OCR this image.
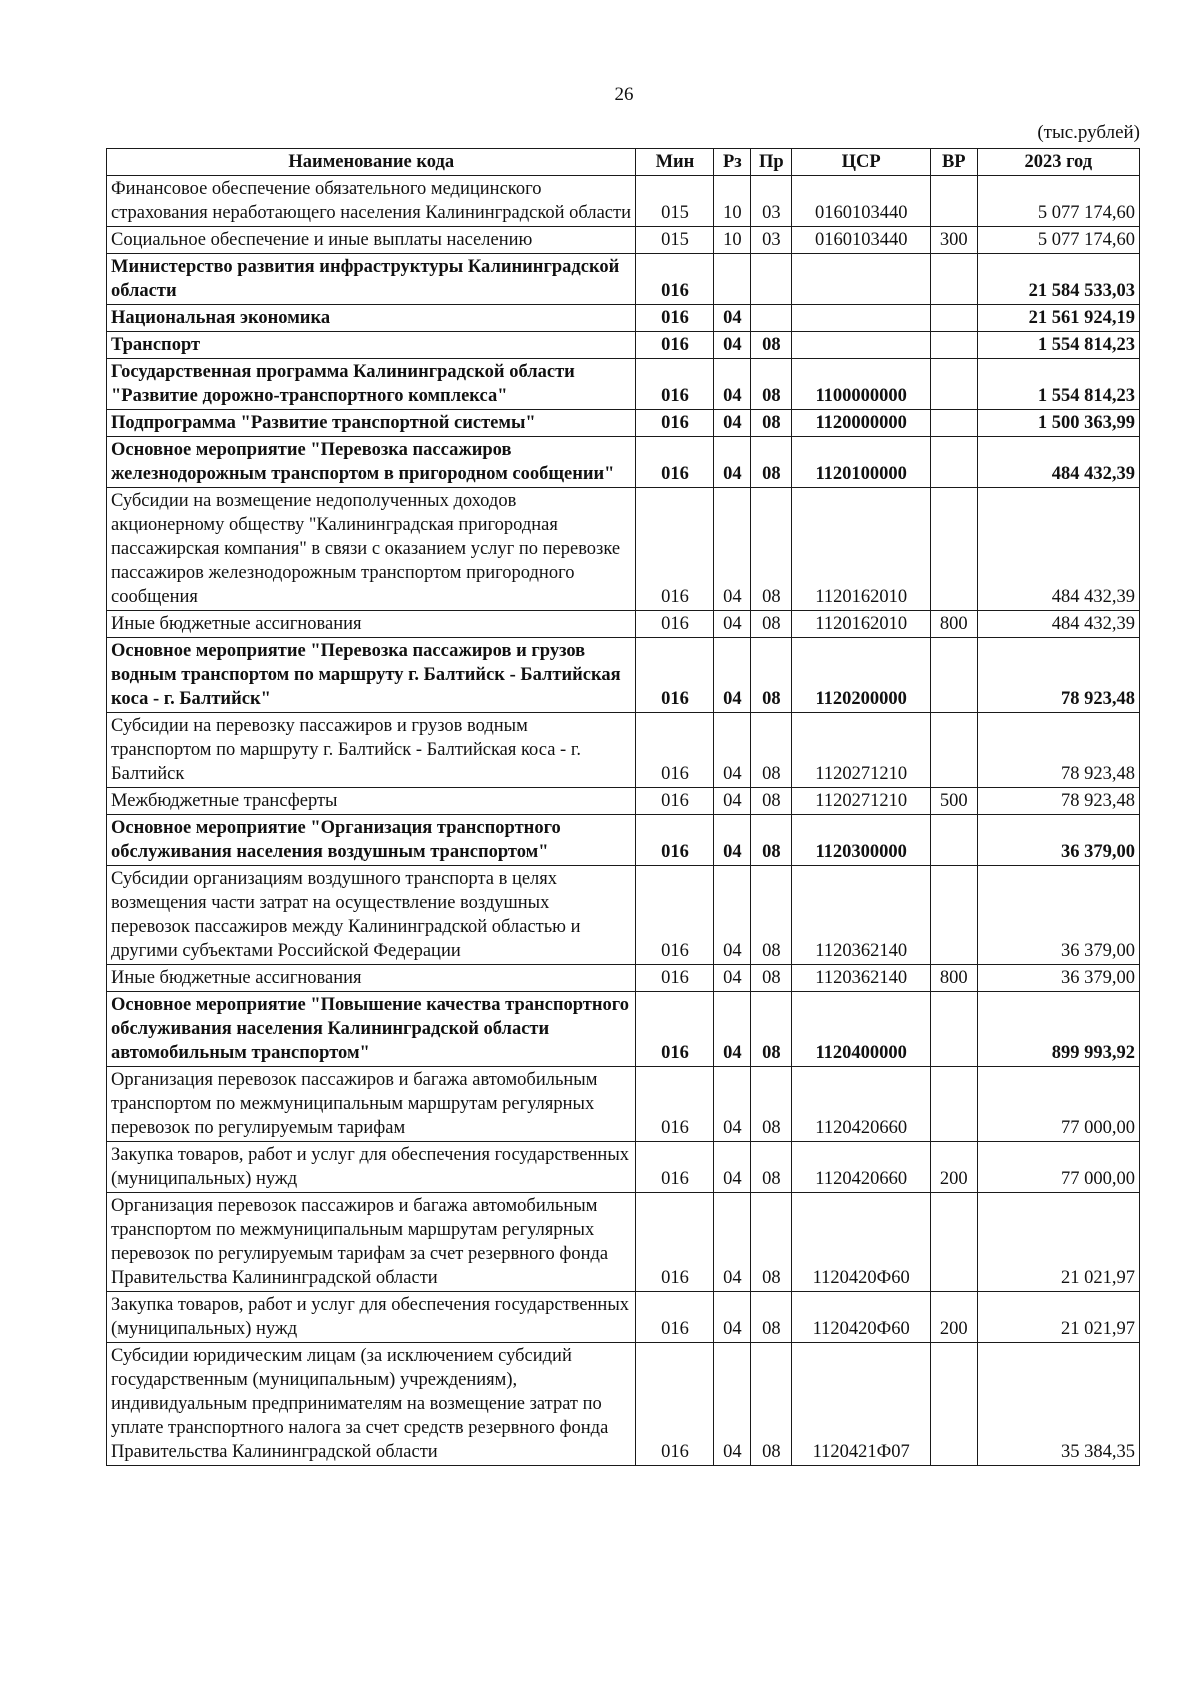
26
(тыс.рублей)
Наименование кода	Мин	Рз	Пр	ЦСР	ВР	2023 год
Финансовое обеспечение обязательного медицинского страхования неработающего населения Калининградской области	015	10	03	0160103440		5 077 174,60
Социальное обеспечение и иные выплаты населению	015	10	03	0160103440	300	5 077 174,60
Министерство развития инфраструктуры Калининградской области	016					21 584 533,03
Национальная экономика	016	04				21 561 924,19
Транспорт	016	04	08			1 554 814,23
Государственная программа Калининградской области "Развитие дорожно-транспортного комплекса"	016	04	08	1100000000		1 554 814,23
Подпрограмма "Развитие транспортной системы"	016	04	08	1120000000		1 500 363,99
Основное мероприятие "Перевозка пассажиров железнодорожным транспортом в пригородном сообщении"	016	04	08	1120100000		484 432,39
Субсидии на возмещение недополученных доходов акционерному обществу "Калининградская пригородная пассажирская компания" в связи с оказанием услуг по перевозке пассажиров железнодорожным транспортом пригородного сообщения	016	04	08	1120162010		484 432,39
Иные бюджетные ассигнования	016	04	08	1120162010	800	484 432,39
Основное мероприятие "Перевозка пассажиров и грузов водным транспортом по маршруту г. Балтийск - Балтийская коса - г. Балтийск"	016	04	08	1120200000		78 923,48
Субсидии на перевозку пассажиров и грузов водным транспортом по маршруту г. Балтийск - Балтийская коса - г. Балтийск	016	04	08	1120271210		78 923,48
Межбюджетные трансферты	016	04	08	1120271210	500	78 923,48
Основное мероприятие "Организация транспортного обслуживания населения воздушным транспортом"	016	04	08	1120300000		36 379,00
Субсидии организациям воздушного транспорта в целях возмещения части затрат на осуществление воздушных перевозок пассажиров между Калининградской областью и другими субъектами Российской Федерации	016	04	08	1120362140		36 379,00
Иные бюджетные ассигнования	016	04	08	1120362140	800	36 379,00
Основное мероприятие "Повышение качества транспортного обслуживания населения Калининградской области автомобильным транспортом"	016	04	08	1120400000		899 993,92
Организация перевозок пассажиров и багажа автомобильным транспортом по межмуниципальным маршрутам регулярных перевозок по регулируемым тарифам	016	04	08	1120420660		77 000,00
Закупка товаров, работ и услуг для обеспечения государственных (муниципальных) нужд	016	04	08	1120420660	200	77 000,00
Организация перевозок пассажиров и багажа автомобильным транспортом по межмуниципальным маршрутам регулярных перевозок по регулируемым тарифам за счет резервного фонда Правительства Калининградской области	016	04	08	1120420Ф60		21 021,97
Закупка товаров, работ и услуг для обеспечения государственных (муниципальных) нужд	016	04	08	1120420Ф60	200	21 021,97
Субсидии юридическим лицам (за исключением субсидий государственным (муниципальным) учреждениям), индивидуальным предпринимателям на возмещение затрат по уплате транспортного налога за счет средств резервного фонда Правительства Калининградской области	016	04	08	1120421Ф07		35 384,35
